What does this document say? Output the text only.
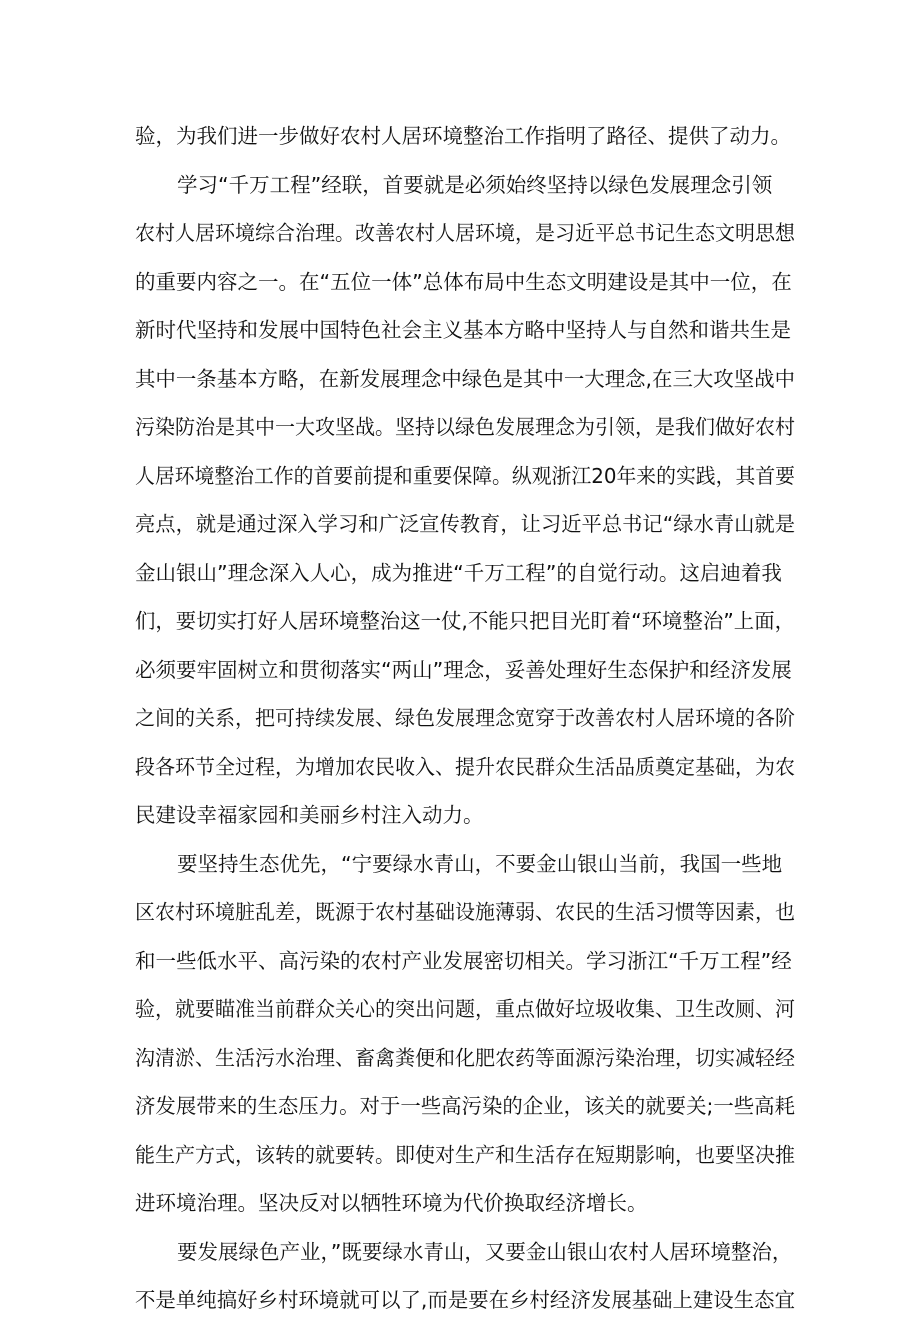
验，为我们进一步做好农村人居环境整治工作指明了路径、提供了动力。
学习“千万工程”经联，首要就是必须始终坚持以绿色发展理念引领
农村人居环境综合治理。改善农村人居环境，是习近平总书记生态文明思想
的重要内容之一。在“五位一体”总体布局中生态文明建设是其中一位，在
新时代坚持和发展中国特色社会主义基本方略中坚持人与自然和谐共生是
其中一条基本方略，在新发展理念中绿色是其中一大理念,在三大攻坚战中
污染防治是其中一大攻坚战。坚持以绿色发展理念为引领，是我们做好农村
人居环境整治工作的首要前提和重要保障。纵观浙江20年来的实践，其首要
亮点，就是通过深入学习和广泛宣传教育，让习近平总书记“绿水青山就是
金山银山”理念深入人心，成为推进“千万工程”的自觉行动。这启迪着我
们，要切实打好人居环境整治这一仗,不能只把目光盯着“环境整治”上面，
必须要牢固树立和贯彻落实“两山”理念，妥善处理好生态保护和经济发展
之间的关系，把可持续发展、绿色发展理念宽穿于改善农村人居环境的各阶
段各环节全过程，为增加农民收入、提升农民群众生活品质奠定基础，为农
民建设幸福家园和美丽乡村注入动力。
要坚持生态优先，“宁要绿水青山，不要金山银山当前，我国一些地
区农村环境脏乱差，既源于农村基础设施薄弱、农民的生活习惯等因素，也
和一些低水平、高污染的农村产业发展密切相关。学习浙江“千万工程”经
验，就要瞄准当前群众关心的突出问题，重点做好垃圾收集、卫生改厕、河
沟清淤、生活污水治理、畜禽粪便和化肥农药等面源污染治理，切实减轻经
济发展带来的生态压力。对于一些高污染的企业，该关的就要关;一些高耗
能生产方式，该转的就要转。即使对生产和生活存在短期影响，也要坚决推
进环境治理。坚决反对以牺牲环境为代价换取经济增长。
要发展绿色产业，”既要绿水青山，又要金山银山农村人居环境整治，
不是单纯搞好乡村环境就可以了,而是要在乡村经济发展基础上建设生态宜
